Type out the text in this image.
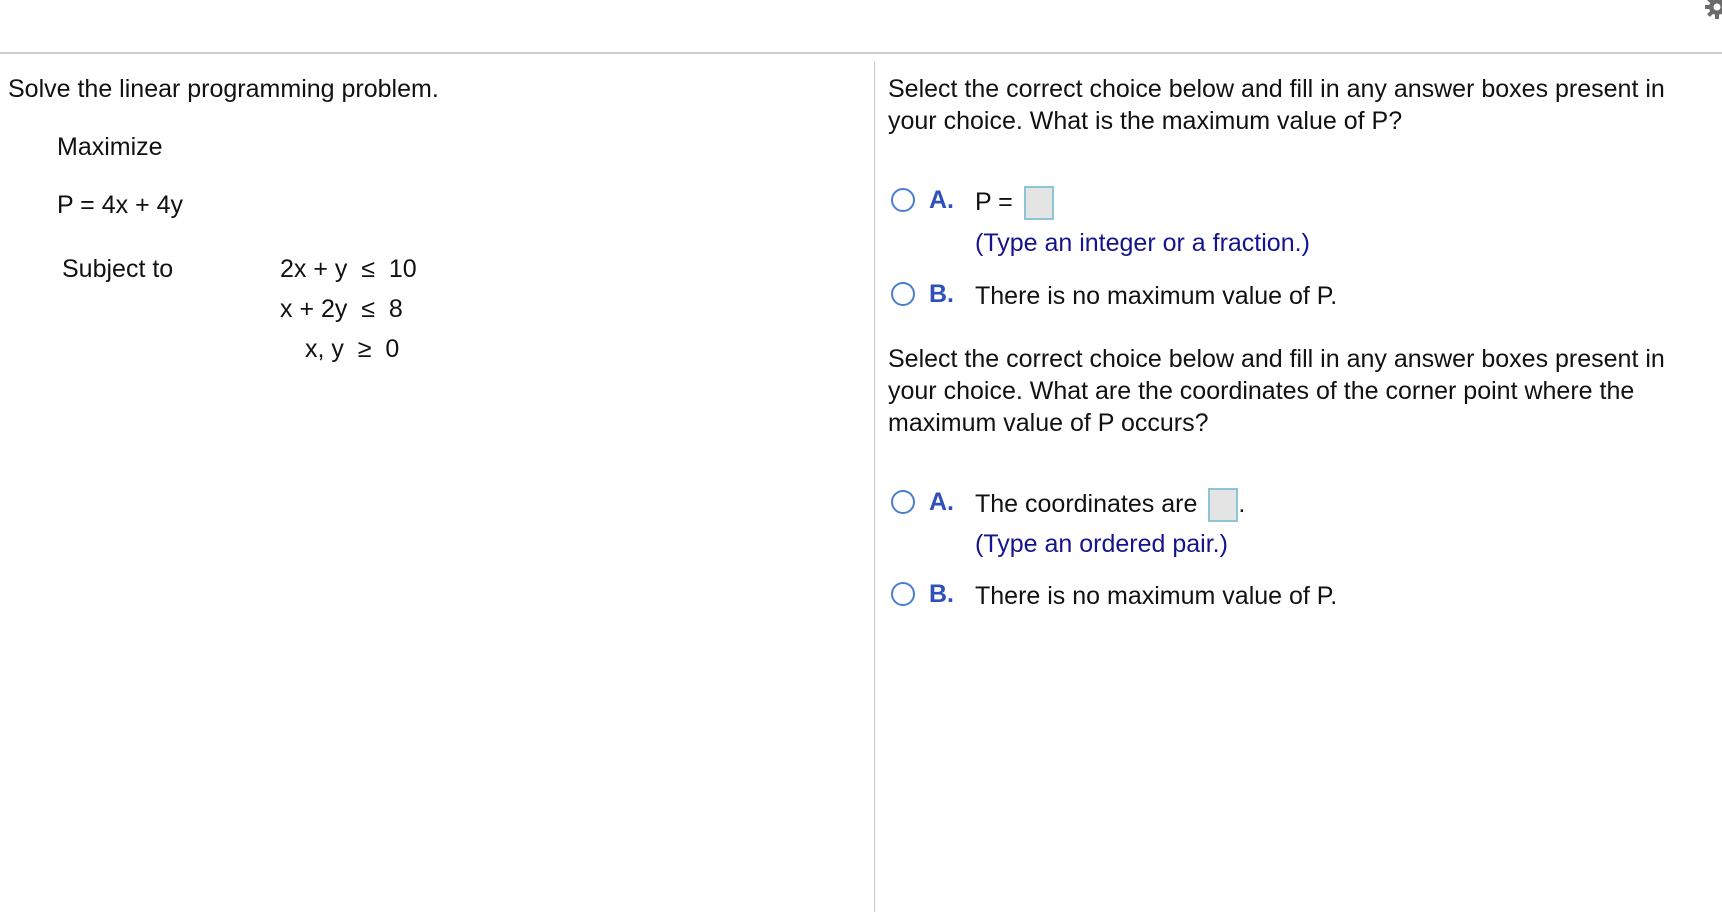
Solve the linear programming problem.
Maximize
P = 4x + 4y
Subject to	2x + y  ≤  10
x + 2y  ≤  8
x, y  ≥  0
Select the correct choice below and fill in any answer boxes present in your choice. What is the maximum value of P?
A. P =
(Type an integer or a fraction.)
B. There is no maximum value of P.
Select the correct choice below and fill in any answer boxes present in your choice. What are the coordinates of the corner point where the maximum value of P occurs?
A. The coordinates are .
(Type an ordered pair.)
B. There is no maximum value of P.
